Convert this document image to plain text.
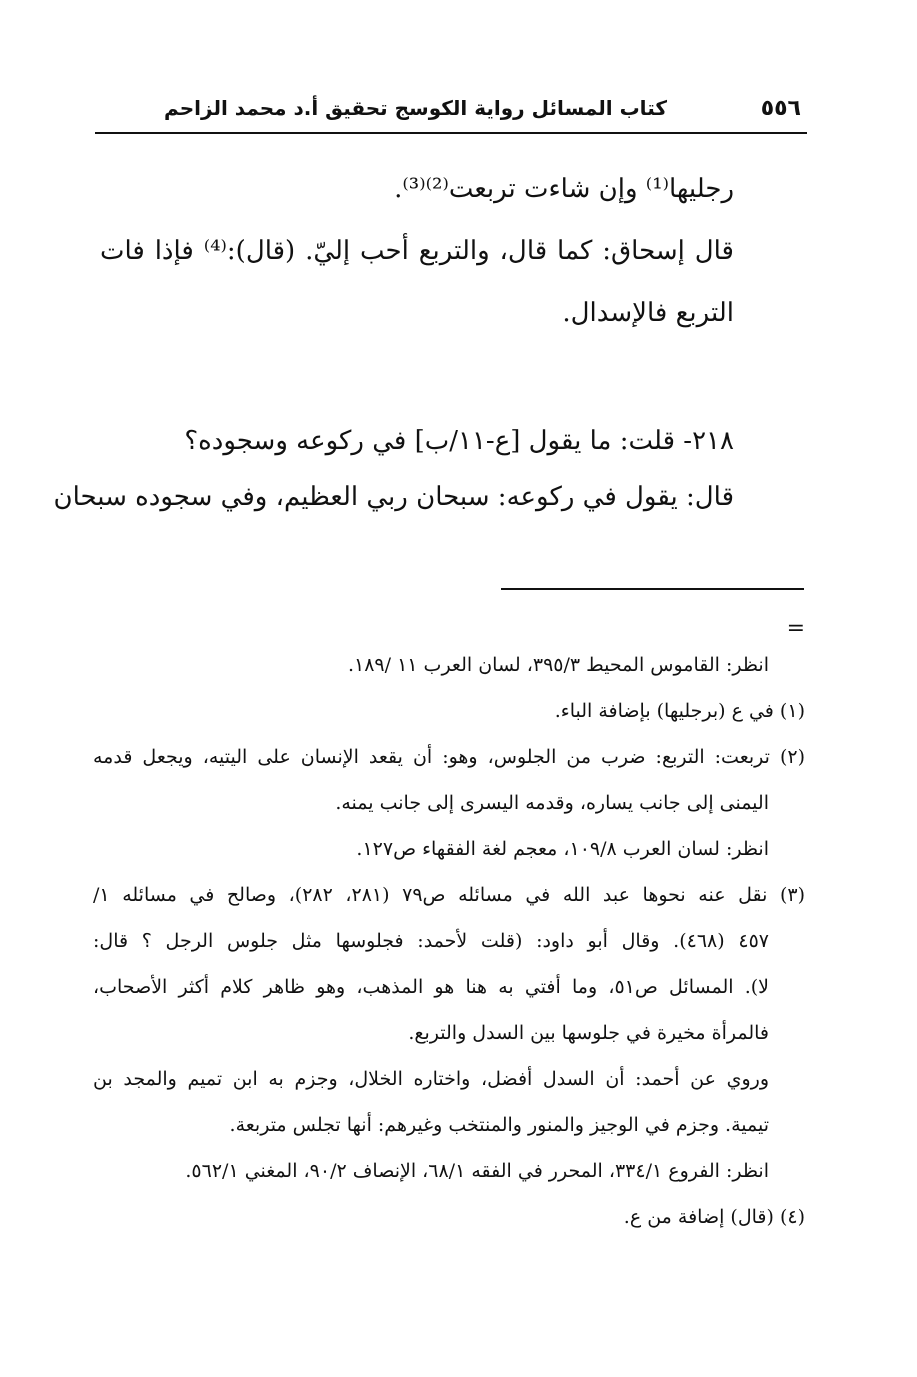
٥٥٦
كتاب المسائل رواية الكوسج تحقيق أ.د محمد الزاحم

رجليها⁽¹⁾ وإن شاءت تربعت⁽²⁾⁽³⁾.

قال إسحاق: كما قال، والتربع أحب إليّ. (قال):⁽⁴⁾ فإذا فات

التربع فالإسدال.

٢١٨- قلت: ما يقول [ع-١١/ب] في ركوعه وسجوده؟

قال: يقول في ركوعه: سبحان ربي العظيم، وفي سجوده سبحان

=
انظر: القاموس المحيط ٣٩٥/٣، لسان العرب ١١ /١٨٩.
(١) في ع (برجليها) بإضافة الباء.
(٢) تربعت: التربع: ضرب من الجلوس، وهو: أن يقعد الإنسان على اليتيه، ويجعل قدمه
اليمنى إلى جانب يساره، وقدمه اليسرى إلى جانب يمنه.
انظر: لسان العرب ١٠٩/٨، معجم لغة الفقهاء ص١٢٧.
(٣) نقل عنه نحوها عبد الله في مسائله ص٧٩ (٢٨١، ٢٨٢)، وصالح في مسائله ١/
٤٥٧ (٤٦٨). وقال أبو داود: (قلت لأحمد: فجلوسها مثل جلوس الرجل ؟ قال:
لا). المسائل ص٥١، وما أفتي به هنا هو المذهب، وهو ظاهر كلام أكثر الأصحاب،
فالمرأة مخيرة في جلوسها بين السدل والتربع.
وروي عن أحمد: أن السدل أفضل، واختاره الخلال، وجزم به ابن تميم والمجد بن
تيمية. وجزم في الوجيز والمنور والمنتخب وغيرهم: أنها تجلس متربعة.
انظر: الفروع ٣٣٤/١، المحرر في الفقه ٦٨/١، الإنصاف ٩٠/٢، المغني ٥٦٢/١.
(٤) (قال) إضافة من ع.
